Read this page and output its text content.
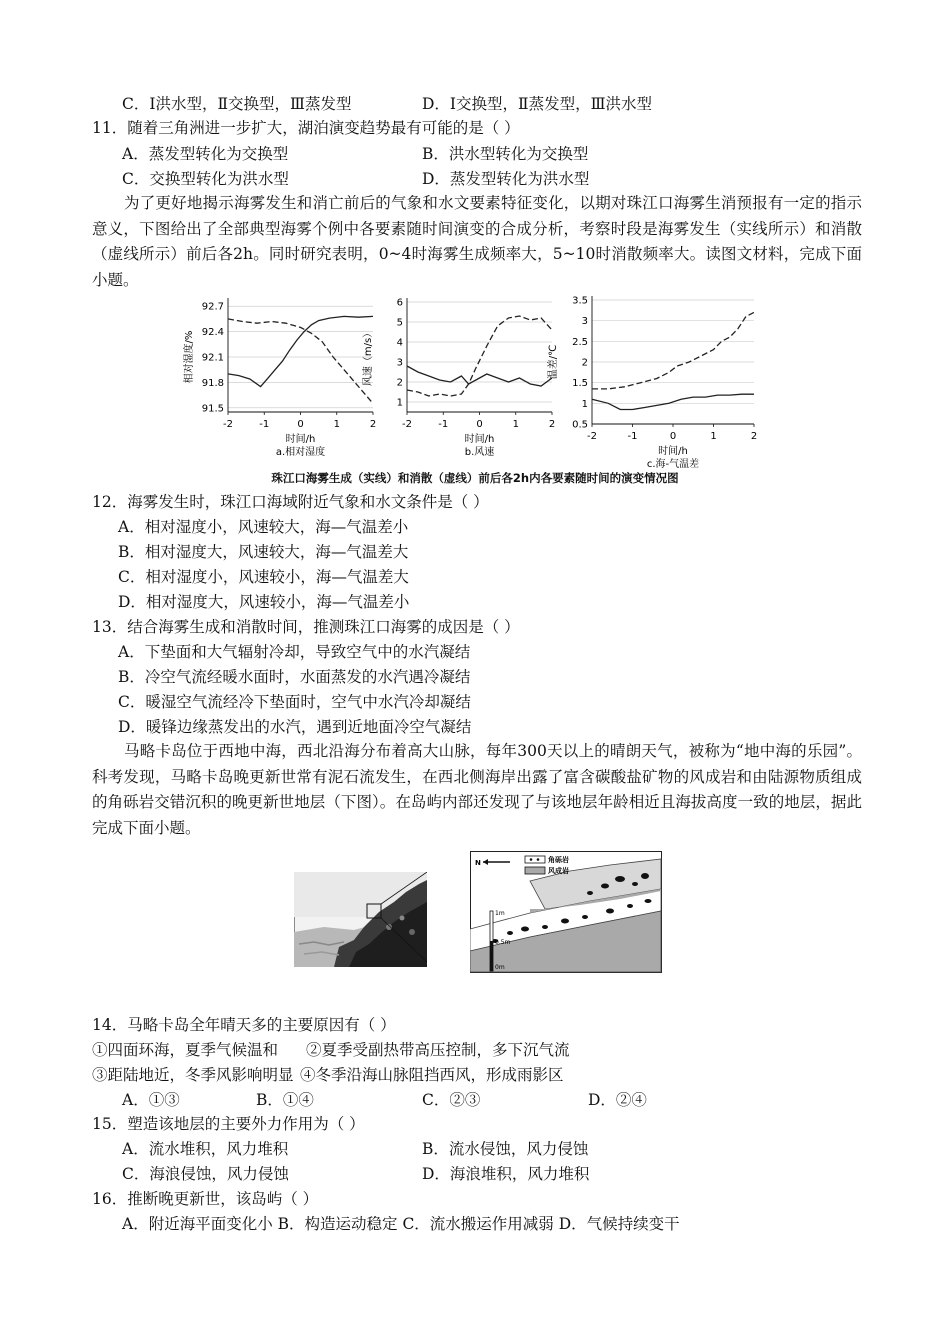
C．Ⅰ洪水型，Ⅱ交换型，Ⅲ蒸发型	D．Ⅰ交换型，Ⅱ蒸发型，Ⅲ洪水型
11．随着三角洲进一步扩大，湖泊演变趋势最有可能的是（ ）
A．蒸发型转化为交换型	B．洪水型转化为交换型
C．交换型转化为洪水型	D．蒸发型转化为洪水型
为了更好地揭示海雾发生和消亡前后的气象和水文要素特征变化，以期对珠江口海雾生消预报有一定的指示意义，下图给出了全部典型海雾个例中各要素随时间演变的合成分析，考察时段是海雾发生（实线所示）和消散（虚线所示）前后各2h。同时研究表明，0~4时海雾生成频率大，5~10时消散频率大。读图文材料，完成下面小题。
92.7
92.4
92.1
91.8
91.5
-2	-1	0	1	2
时间/h
a.相对湿度
相对湿度/%
6
5
4
3
2
1
-2	-1	0	1	2
时间/h
b.风速
风速（m/s）
3.5
3
2.5
2
1.5
1
0.5
-2	-1	0	1	2
时间/h
c.海-气温差
温差/℃
珠江口海雾生成（实线）和消散（虚线）前后各2h内各要素随时间的演变情况图
12．海雾发生时，珠江口海域附近气象和水文条件是（ ）
A．相对湿度小，风速较大，海—气温差小
B．相对湿度大，风速较大，海—气温差大
C．相对湿度小，风速较小，海—气温差大
D．相对湿度大，风速较小，海—气温差小
13．结合海雾生成和消散时间，推测珠江口海雾的成因是（ ）
A．下垫面和大气辐射冷却，导致空气中的水汽凝结
B．冷空气流经暖水面时，水面蒸发的水汽遇冷凝结
C．暖湿空气流经冷下垫面时，空气中水汽冷却凝结
D．暖锋边缘蒸发出的水汽，遇到近地面冷空气凝结
马略卡岛位于西地中海，西北沿海分布着高大山脉，每年300天以上的晴朗天气，被称为“地中海的乐园”。科考发现，马略卡岛晚更新世常有泥石流发生，在西北侧海岸出露了富含碳酸盐矿物的风成岩和由陆源物质组成的角砾岩交错沉积的晚更新世地层（下图）。在岛屿内部还发现了与该地层年龄相近且海拔高度一致的地层，据此完成下面小题。
N	角砾岩
风成岩
1m
0.5m
0m
14．马略卡岛全年晴天多的主要原因有（ ）
①四面环海，夏季气候温和 ②夏季受副热带高压控制，多下沉气流
③距陆地近，冬季风影响明显 ④冬季沿海山脉阻挡西风，形成雨影区
A．①③	B．①④	C．②③	D．②④
15．塑造该地层的主要外力作用为（ ）
A．流水堆积，风力堆积	B．流水侵蚀，风力侵蚀
C．海浪侵蚀，风力侵蚀	D．海浪堆积，风力堆积
16．推断晚更新世，该岛屿（ ）
A．附近海平面变化小 B．构造运动稳定 C．流水搬运作用减弱 D．气候持续变干
